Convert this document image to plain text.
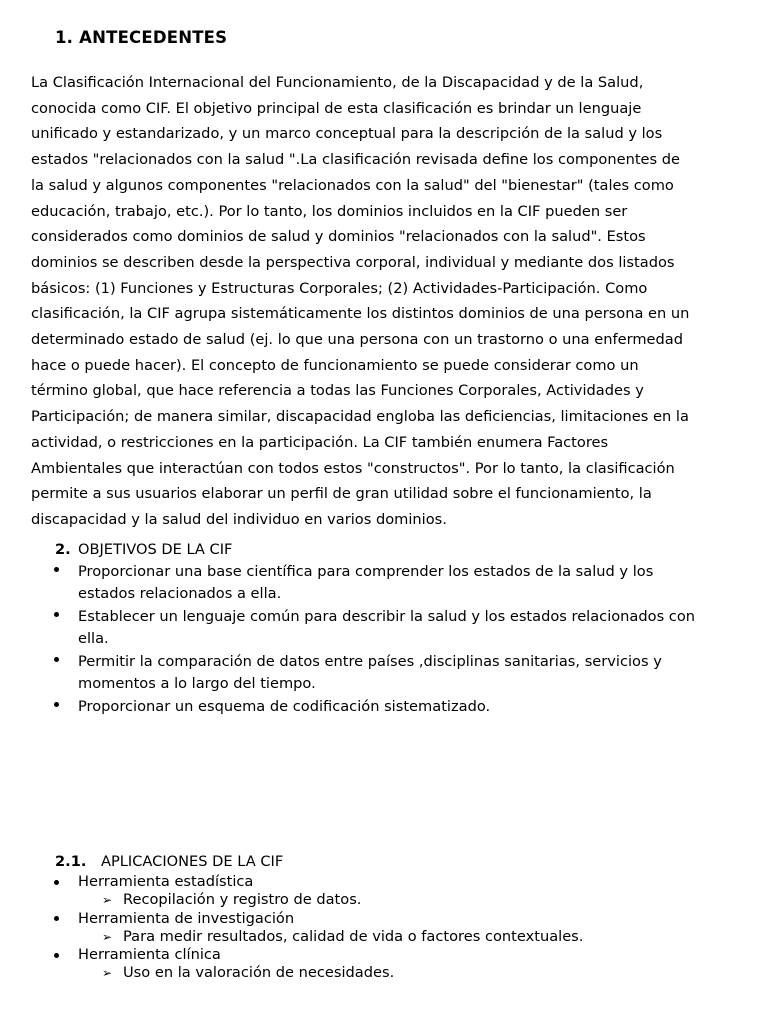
1. ANTECEDENTES
La Clasificación Internacional del Funcionamiento, de la Discapacidad y de la Salud,
conocida como CIF. El objetivo principal de esta clasificación es brindar un lenguaje
unificado y estandarizado, y un marco conceptual para la descripción de la salud y los
estados "relacionados con la salud ".La clasificación revisada define los componentes de
la salud y algunos componentes "relacionados con la salud" del "bienestar" (tales como
educación, trabajo, etc.). Por lo tanto, los dominios incluidos en la CIF pueden ser
considerados como dominios de salud y dominios "relacionados con la salud". Estos
dominios se describen desde la perspectiva corporal, individual y mediante dos listados
básicos: (1) Funciones y Estructuras Corporales; (2) Actividades-Participación. Como
clasificación, la CIF agrupa sistemáticamente los distintos dominios de una persona en un
determinado estado de salud (ej. lo que una persona con un trastorno o una enfermedad
hace o puede hacer). El concepto de funcionamiento se puede considerar como un
término global, que hace referencia a todas las Funciones Corporales, Actividades y
Participación; de manera similar, discapacidad engloba las deficiencias, limitaciones en la
actividad, o restricciones en la participación. La CIF también enumera Factores
Ambientales que interactúan con todos estos "constructos". Por lo tanto, la clasificación
permite a sus usuarios elaborar un perfil de gran utilidad sobre el funcionamiento, la
discapacidad y la salud del individuo en varios dominios.
2. OBJETIVOS DE LA CIF
Proporcionar una base científica para comprender los estados de la salud y los
estados relacionados a ella.
Establecer un lenguaje común para describir la salud y los estados relacionados con
ella.
Permitir la comparación de datos entre países ,disciplinas sanitarias, servicios y
momentos a lo largo del tiempo.
Proporcionar un esquema de codificación sistematizado.
2.1. APLICACIONES DE LA CIF
Herramienta estadística
➢ Recopilación y registro de datos.
Herramienta de investigación
➢ Para medir resultados, calidad de vida o factores contextuales.
Herramienta clínica
➢ Uso en la valoración de necesidades.
